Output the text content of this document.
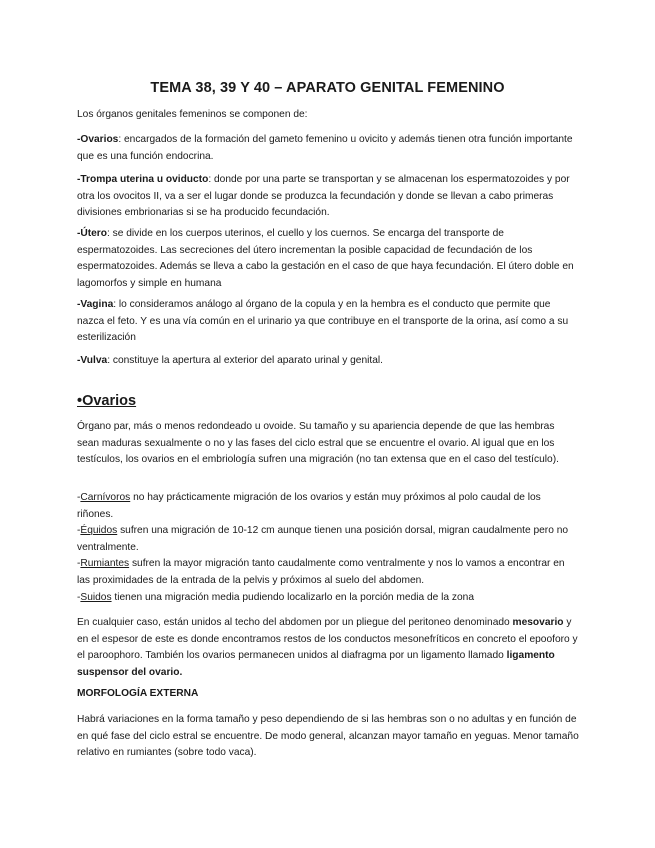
TEMA 38, 39 Y 40 – APARATO GENITAL FEMENINO

Los órganos genitales femeninos se componen de:

-Ovarios: encargados de la formación del gameto femenino u ovicito y además tienen otra función importante que es una función endocrina.

-Trompa uterina u oviducto: donde por una parte se transportan y se almacenan los espermatozoides y por otra los ovocitos II, va a ser el lugar donde se produzca la fecundación y donde se llevan a cabo primeras divisiones embrionarias si se ha producido fecundación.

-Útero: se divide en los cuerpos uterinos, el cuello y los cuernos. Se encarga del transporte de espermatozoides. Las secreciones del útero incrementan la posible capacidad de fecundación de los espermatozoides. Además se lleva a cabo la gestación en el caso de que haya fecundación. El útero doble en lagomorfos y simple en humana

-Vagina: lo consideramos análogo al órgano de la copula y en la hembra es el conducto que permite que nazca el feto. Y es una vía común en el urinario ya que contribuye en el transporte de la orina, así como a su esterilización

-Vulva: constituye la apertura al exterior del aparato urinal y genital.

•Ovarios

Órgano par, más o menos redondeado u ovoide. Su tamaño y su apariencia depende de que las hembras sean maduras sexualmente o no y las fases del ciclo estral que se encuentre el ovario. Al igual que en los testículos, los ovarios en el embriología sufren una migración (no tan extensa que en el caso del testículo).

-Carnívoros no hay prácticamente migración de los ovarios y están muy próximos al polo caudal de los riñones.
-Équidos sufren una migración de 10-12 cm aunque tienen una posición dorsal, migran caudalmente pero no ventralmente.
-Rumiantes sufren la mayor migración tanto caudalmente como ventralmente y nos lo vamos a encontrar en las proximidades de la entrada de la pelvis y próximos al suelo del abdomen.
-Suidos tienen una migración media pudiendo localizarlo en la porción media de la zona

En cualquier caso, están unidos al techo del abdomen por un pliegue del peritoneo denominado mesovario y en el espesor de este es donde encontramos restos de los conductos mesonefríticos en concreto el epooforo y el paroophoro. También los ovarios permanecen unidos al diafragma por un ligamento llamado ligamento suspensor del ovario.

MORFOLOGÍA EXTERNA

Habrá variaciones en la forma tamaño y peso dependiendo de si las hembras son o no adultas y en función de en qué fase del ciclo estral se encuentre. De modo general, alcanzan mayor tamaño en yeguas. Menor tamaño relativo en rumiantes (sobre todo vaca).
